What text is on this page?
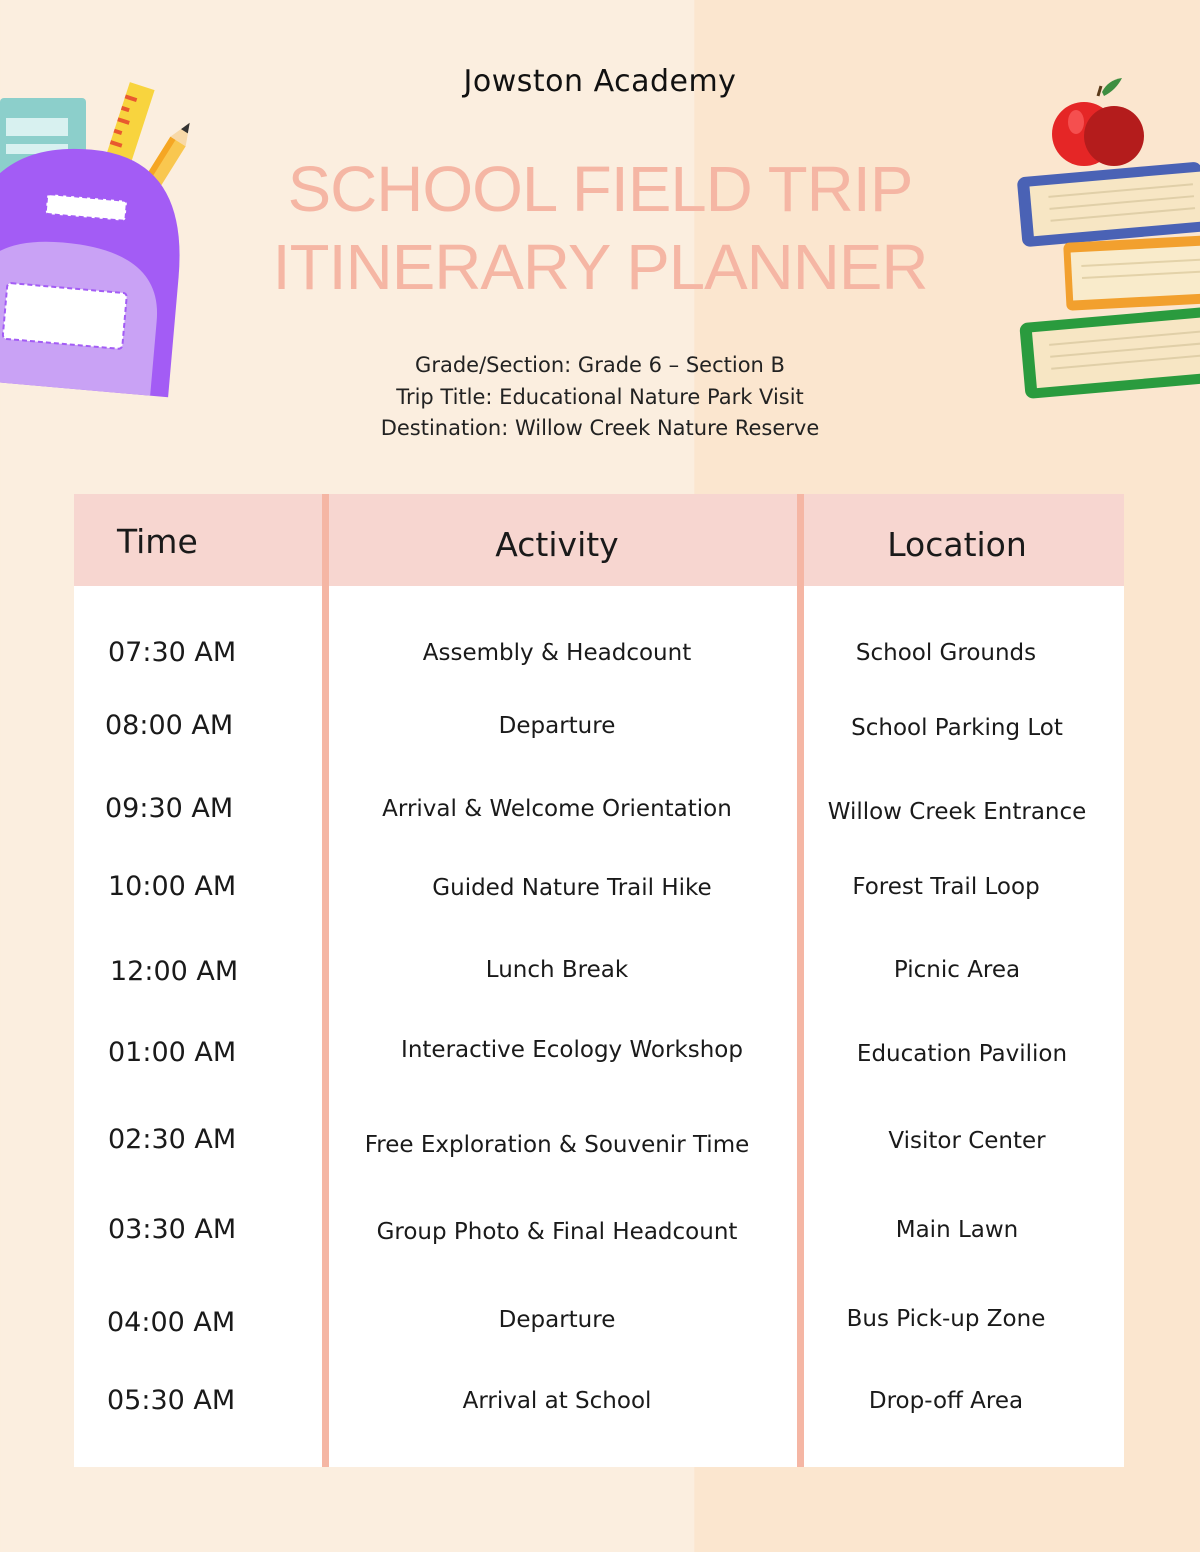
Jowston Academy
SCHOOL FIELD TRIP
ITINERARY PLANNER
Grade/Section: Grade 6 – Section B
Trip Title: Educational Nature Park Visit
Destination: Willow Creek Nature Reserve
Time	Activity	Location
07:30 AM	Assembly & Headcount	School Grounds
08:00 AM	Departure	School Parking Lot
09:30 AM	Arrival & Welcome Orientation	Willow Creek Entrance
10:00 AM	Guided Nature Trail Hike	Forest Trail Loop
12:00 AM	Lunch Break	Picnic Area
01:00 AM	Interactive Ecology Workshop	Education Pavilion
02:30 AM	Free Exploration & Souvenir Time	Visitor Center
03:30 AM	Group Photo & Final Headcount	Main Lawn
04:00 AM	Departure	Bus Pick-up Zone
05:30 AM	Arrival at School	Drop-off Area
